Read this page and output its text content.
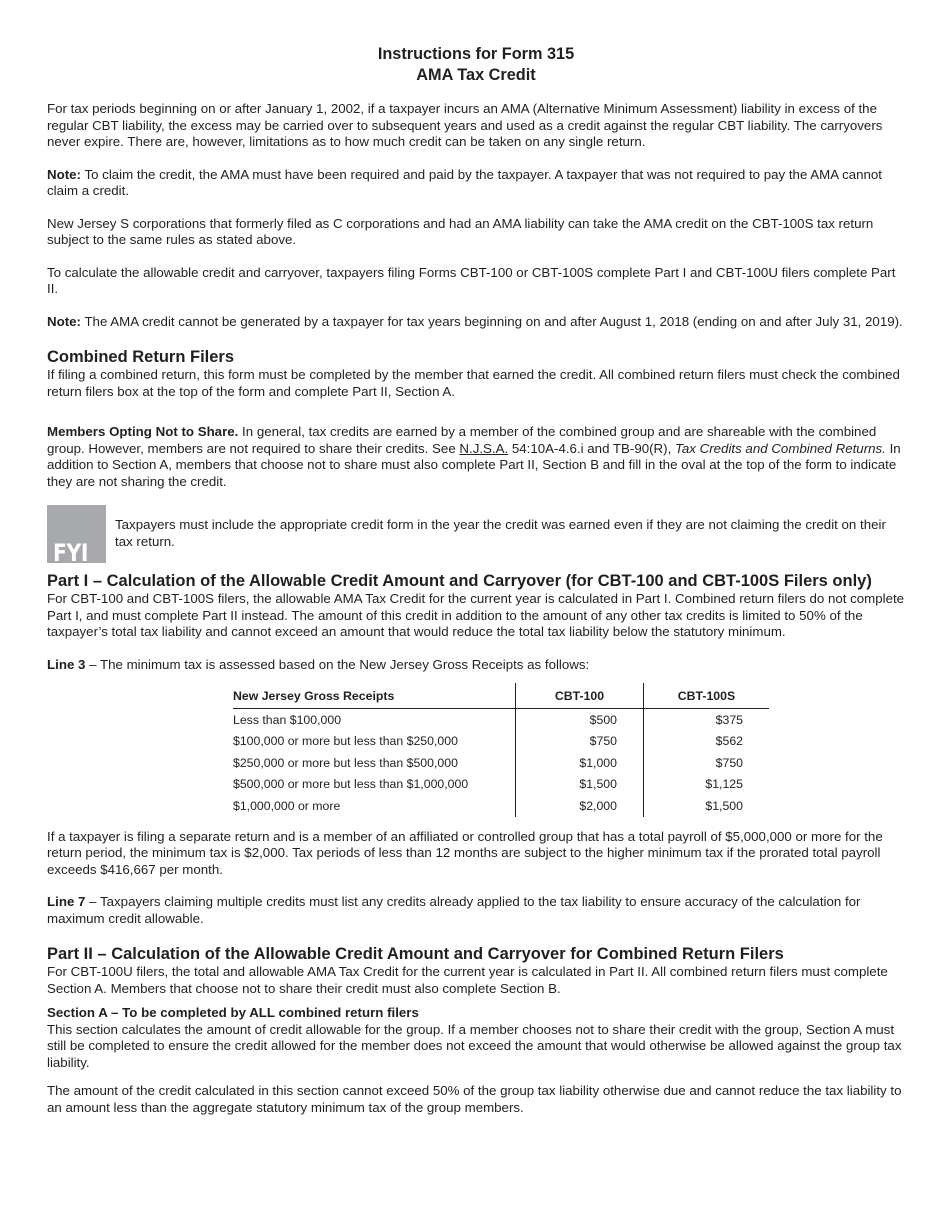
Instructions for Form 315
AMA Tax Credit

For tax periods beginning on or after January 1, 2002, if a taxpayer incurs an AMA (Alternative Minimum Assessment) liability in excess of the regular CBT liability, the excess may be carried over to subsequent years and used as a credit against the regular CBT liability. The carryovers never expire. There are, however, limitations as to how much credit can be taken on any single return.

Note: To claim the credit, the AMA must have been required and paid by the taxpayer. A taxpayer that was not required to pay the AMA cannot claim a credit.

New Jersey S corporations that formerly filed as C corporations and had an AMA liability can take the AMA credit on the CBT-100S tax return subject to the same rules as stated above.

To calculate the allowable credit and carryover, taxpayers filing Forms CBT-100 or CBT-100S complete Part I and CBT-100U filers complete Part II.

Note: The AMA credit cannot be generated by a taxpayer for tax years beginning on and after August 1, 2018 (ending on and after July 31, 2019).

Combined Return Filers

If filing a combined return, this form must be completed by the member that earned the credit. All combined return filers must check the combined return filers box at the top of the form and complete Part II, Section A.

Members Opting Not to Share. In general, tax credits are earned by a member of the combined group and are shareable with the combined group. However, members are not required to share their credits. See N.J.S.A. 54:10A-4.6.i and TB-90(R), Tax Credits and Combined Returns. In addition to Section A, members that choose not to share must also complete Part II, Section B and fill in the oval at the top of the form to indicate they are not sharing the credit.

FYI

Taxpayers must include the appropriate credit form in the year the credit was earned even if they are not claiming the credit on their tax return.

Part I – Calculation of the Allowable Credit Amount and Carryover (for CBT-100 and CBT-100S Filers only)

For CBT-100 and CBT-100S filers, the allowable AMA Tax Credit for the current year is calculated in Part I. Combined return filers do not complete Part I, and must complete Part II instead. The amount of this credit in addition to the amount of any other tax credits is limited to 50% of the taxpayer’s total tax liability and cannot exceed an amount that would reduce the total tax liability below the statutory minimum.

Line 3 – The minimum tax is assessed based on the New Jersey Gross Receipts as follows:

New Jersey Gross Receipts	CBT-100	CBT-100S
Less than $100,000	$500	$375
$100,000 or more but less than $250,000	$750	$562
$250,000 or more but less than $500,000	$1,000	$750
$500,000 or more but less than $1,000,000	$1,500	$1,125
$1,000,000 or more	$2,000	$1,500

If a taxpayer is filing a separate return and is a member of an affiliated or controlled group that has a total payroll of $5,000,000 or more for the return period, the minimum tax is $2,000. Tax periods of less than 12 months are subject to the higher minimum tax if the prorated total payroll exceeds $416,667 per month.

Line 7 – Taxpayers claiming multiple credits must list any credits already applied to the tax liability to ensure accuracy of the calculation for maximum credit allowable.

Part II – Calculation of the Allowable Credit Amount and Carryover for Combined Return Filers

For CBT-100U filers, the total and allowable AMA Tax Credit for the current year is calculated in Part II. All combined return filers must complete Section A. Members that choose not to share their credit must also complete Section B.

Section A – To be completed by ALL combined return filers

This section calculates the amount of credit allowable for the group. If a member chooses not to share their credit with the group, Section A must still be completed to ensure the credit allowed for the member does not exceed the amount that would otherwise be allowed against the group tax liability.

The amount of the credit calculated in this section cannot exceed 50% of the group tax liability otherwise due and cannot reduce the tax liability to an amount less than the aggregate statutory minimum tax of the group members.
